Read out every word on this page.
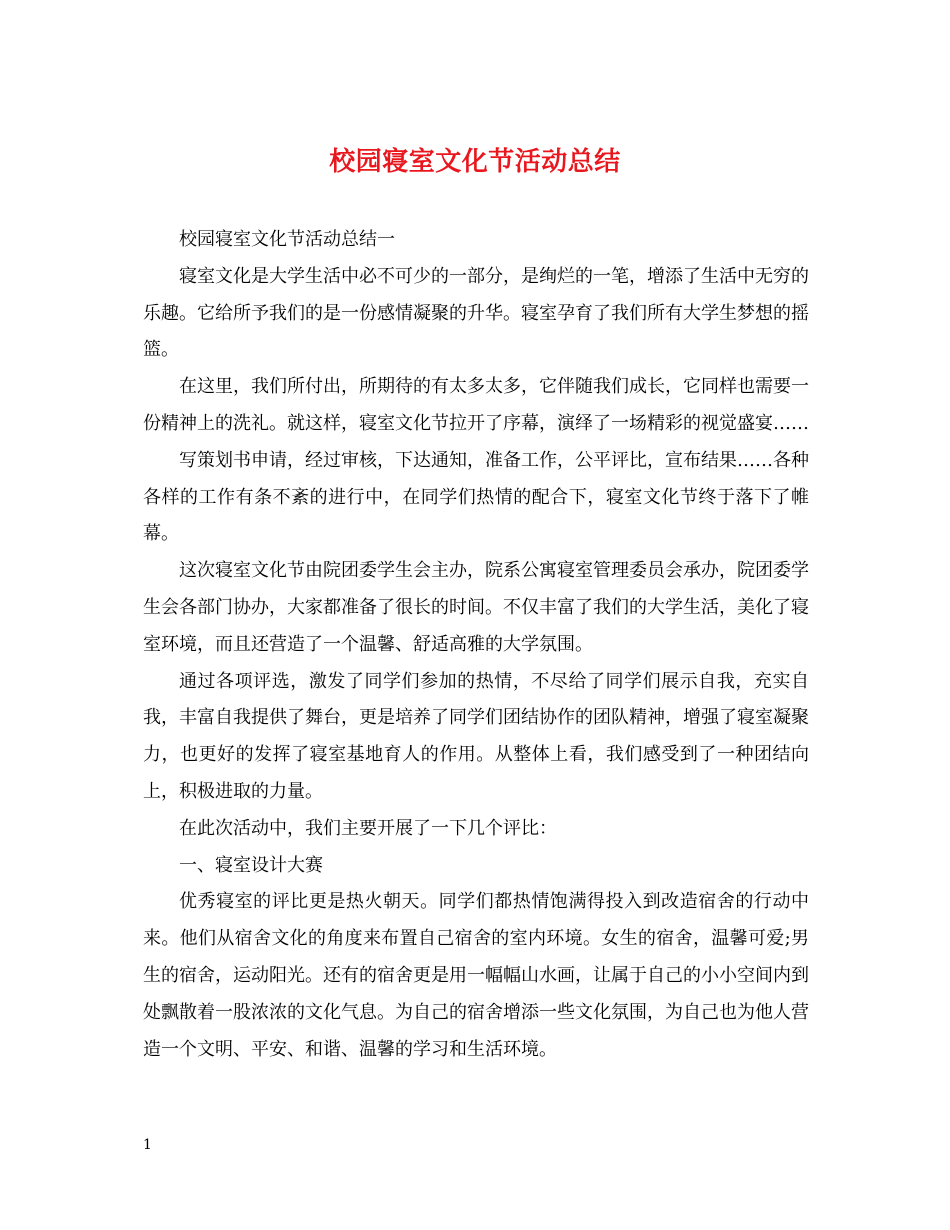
校园寝室文化节活动总结

校园寝室文化节活动总结一

寝室文化是大学生活中必不可少的一部分，是绚烂的一笔，增添了生活中无穷的乐趣。它给所予我们的是一份感情凝聚的升华。寝室孕育了我们所有大学生梦想的摇篮。

在这里，我们所付出，所期待的有太多太多，它伴随我们成长，它同样也需要一份精神上的洗礼。就这样，寝室文化节拉开了序幕，演绎了一场精彩的视觉盛宴……

写策划书申请，经过审核，下达通知，准备工作，公平评比，宣布结果……各种各样的工作有条不紊的进行中，在同学们热情的配合下，寝室文化节终于落下了帷幕。

这次寝室文化节由院团委学生会主办，院系公寓寝室管理委员会承办，院团委学生会各部门协办，大家都准备了很长的时间。不仅丰富了我们的大学生活，美化了寝室环境，而且还营造了一个温馨、舒适高雅的大学氛围。

通过各项评选，激发了同学们参加的热情，不尽给了同学们展示自我，充实自我，丰富自我提供了舞台，更是培养了同学们团结协作的团队精神，增强了寝室凝聚力，也更好的发挥了寝室基地育人的作用。从整体上看，我们感受到了一种团结向上，积极进取的力量。

在此次活动中，我们主要开展了一下几个评比：

一、寝室设计大赛

优秀寝室的评比更是热火朝天。同学们都热情饱满得投入到改造宿舍的行动中来。他们从宿舍文化的角度来布置自己宿舍的室内环境。女生的宿舍，温馨可爱;男生的宿舍，运动阳光。还有的宿舍更是用一幅幅山水画，让属于自己的小小空间内到处飘散着一股浓浓的文化气息。为自己的宿舍增添一些文化氛围，为自己也为他人营造一个文明、平安、和谐、温馨的学习和生活环境。

1
